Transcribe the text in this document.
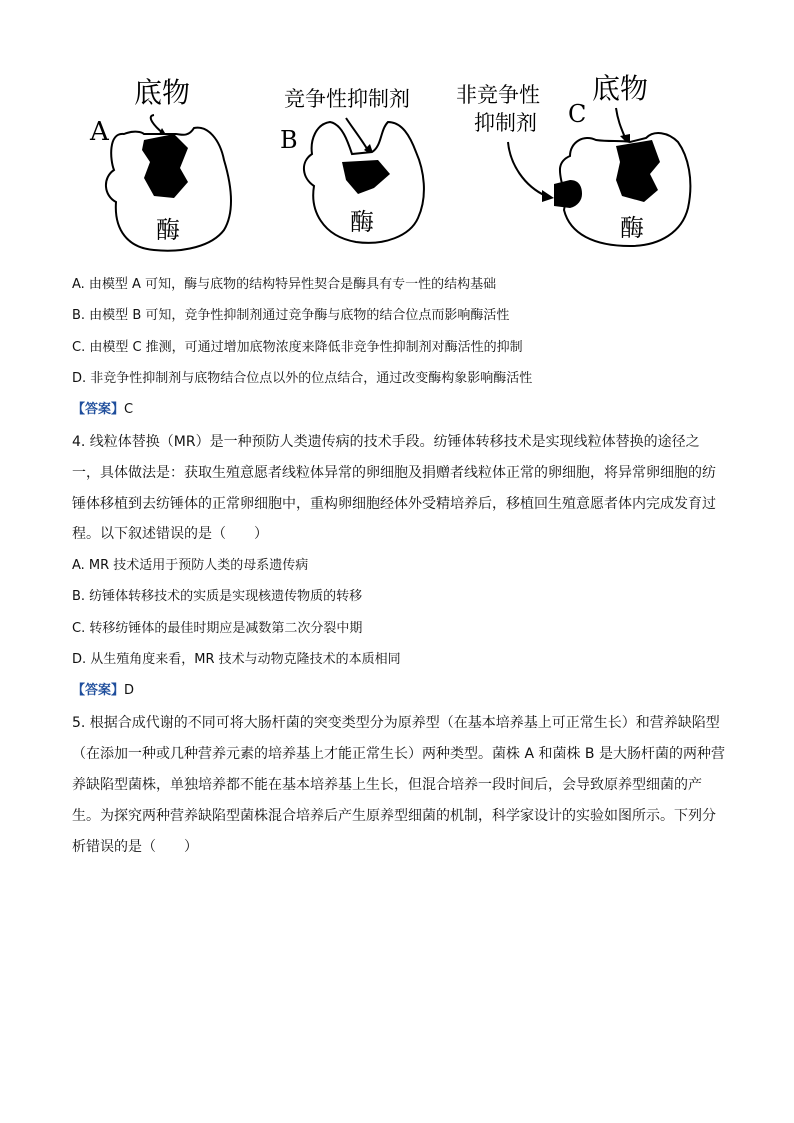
A
底物
酶
B
竞争性抑制剂
酶
非竞争性
抑制剂 C
底物
酶
A. 由模型 A 可知，酶与底物的结构特异性契合是酶具有专一性的结构基础
B. 由模型 B 可知，竞争性抑制剂通过竞争酶与底物的结合位点而影响酶活性
C. 由模型 C 推测，可通过增加底物浓度来降低非竞争性抑制剂对酶活性的抑制
D. 非竞争性抑制剂与底物结合位点以外的位点结合，通过改变酶构象影响酶活性
【答案】C
4. 线粒体替换（MR）是一种预防人类遗传病的技术手段。纺锤体转移技术是实现线粒体替换的途径之
一，具体做法是：获取生殖意愿者线粒体异常的卵细胞及捐赠者线粒体正常的卵细胞，将异常卵细胞的纺
锤体移植到去纺锤体的正常卵细胞中，重构卵细胞经体外受精培养后，移植回生殖意愿者体内完成发育过
程。以下叙述错误的是（　　）
A. MR 技术适用于预防人类的母系遗传病
B. 纺锤体转移技术的实质是实现核遗传物质的转移
C. 转移纺锤体的最佳时期应是减数第二次分裂中期
D. 从生殖角度来看，MR 技术与动物克隆技术的本质相同
【答案】D
5. 根据合成代谢的不同可将大肠杆菌的突变类型分为原养型（在基本培养基上可正常生长）和营养缺陷型
（在添加一种或几种营养元素的培养基上才能正常生长）两种类型。菌株 A 和菌株 B 是大肠杆菌的两种营
养缺陷型菌株，单独培养都不能在基本培养基上生长，但混合培养一段时间后，会导致原养型细菌的产
生。为探究两种营养缺陷型菌株混合培养后产生原养型细菌的机制，科学家设计的实验如图所示。下列分
析错误的是（　　）
